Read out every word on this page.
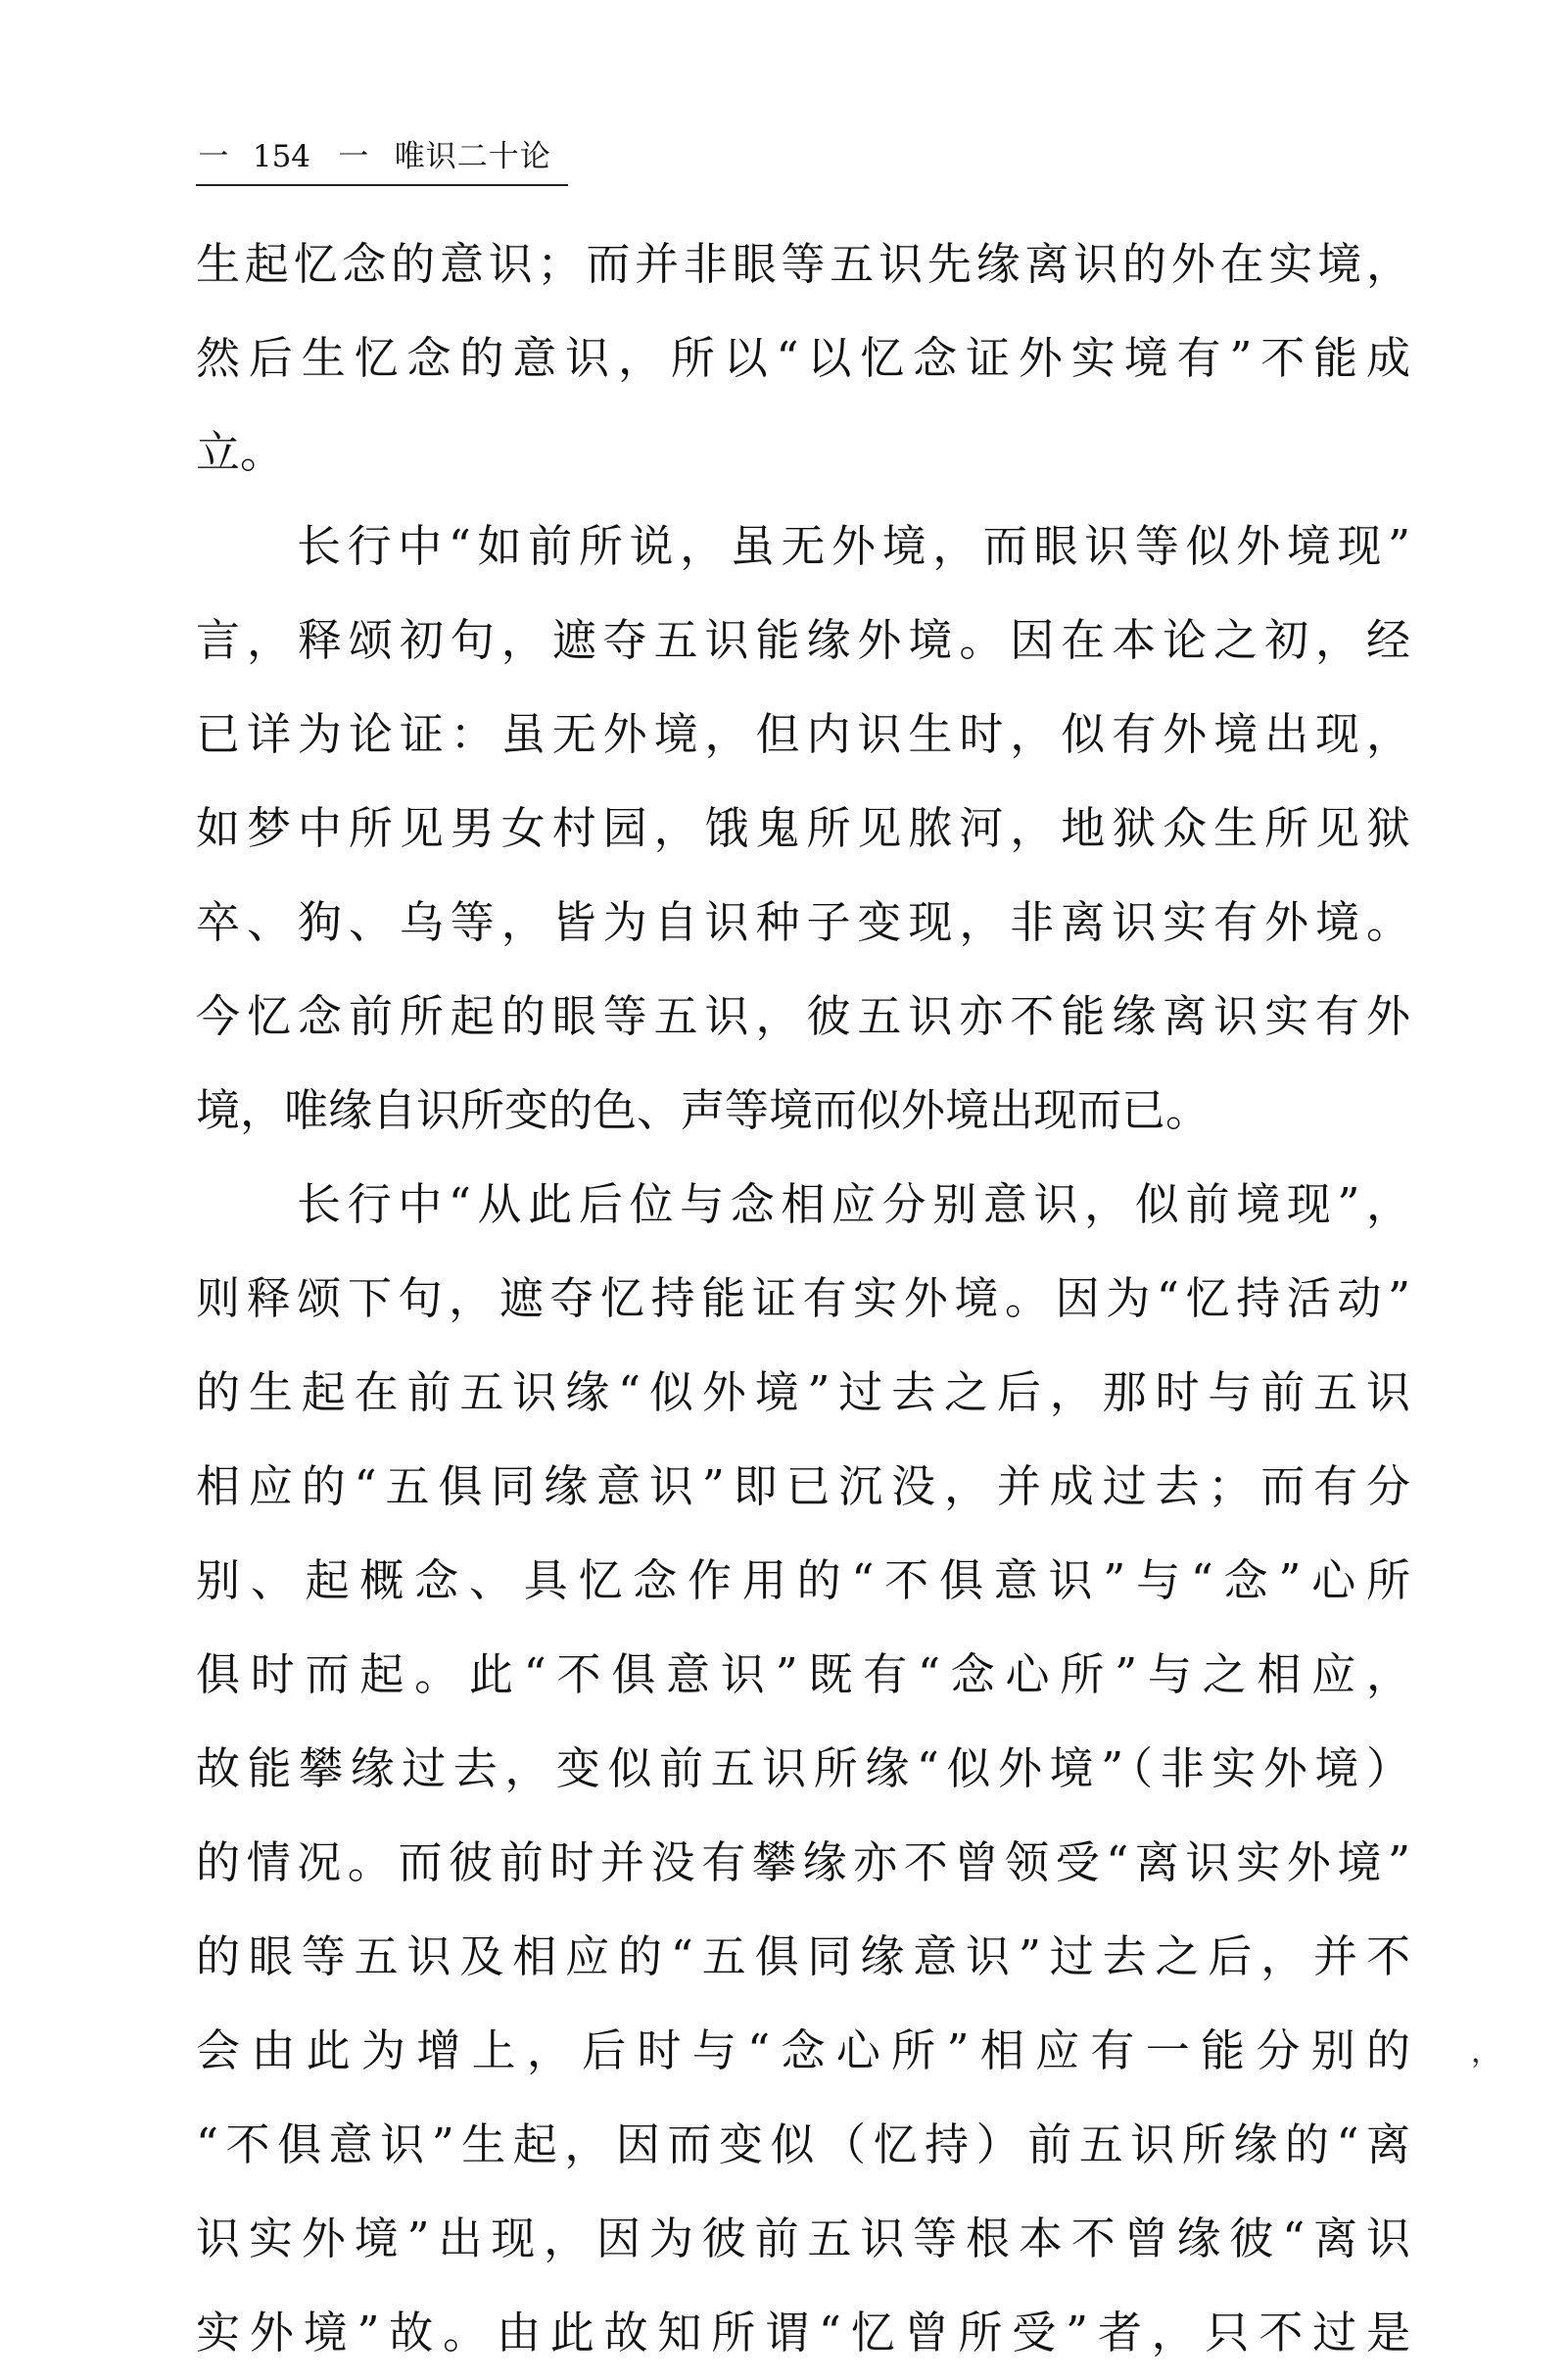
一 154 一 唯识二十论
生起忆念的意识；而并非眼等五识先缘离识的外在实境，
然后生忆念的意识，所以“以忆念证外实境有”不能成
立。
长行中“如前所说，虽无外境，而眼识等似外境现”
言，释颂初句，遮夺五识能缘外境。因在本论之初，经
已详为论证：虽无外境，但内识生时，似有外境出现，
如梦中所见男女村园，饿鬼所见脓河，地狱众生所见狱
卒、狗、乌等，皆为自识种子变现，非离识实有外境。
今忆念前所起的眼等五识，彼五识亦不能缘离识实有外
境，唯缘自识所变的色、声等境而似外境出现而已。
长行中“从此后位与念相应分别意识，似前境现”，
则释颂下句，遮夺忆持能证有实外境。因为“忆持活动”
的生起在前五识缘“似外境”过去之后，那时与前五识
相应的“五俱同缘意识”即已沉没，并成过去；而有分
别、起概念、具忆念作用的“不俱意识”与“念”心所
俱时而起。此“不俱意识”既有“念心所”与之相应，
故能攀缘过去，变似前五识所缘“似外境”（非实外境）
的情况。而彼前时并没有攀缘亦不曾领受“离识实外境”
的眼等五识及相应的“五俱同缘意识”过去之后，并不
会由此为增上，后时与“念心所”相应有一能分别的
“不俱意识”生起，因而变似（忆持）前五识所缘的“离
识实外境”出现，因为彼前五识等根本不曾缘彼“离识
实外境”故。由此故知所谓“忆曾所受”者，只不过是
，
